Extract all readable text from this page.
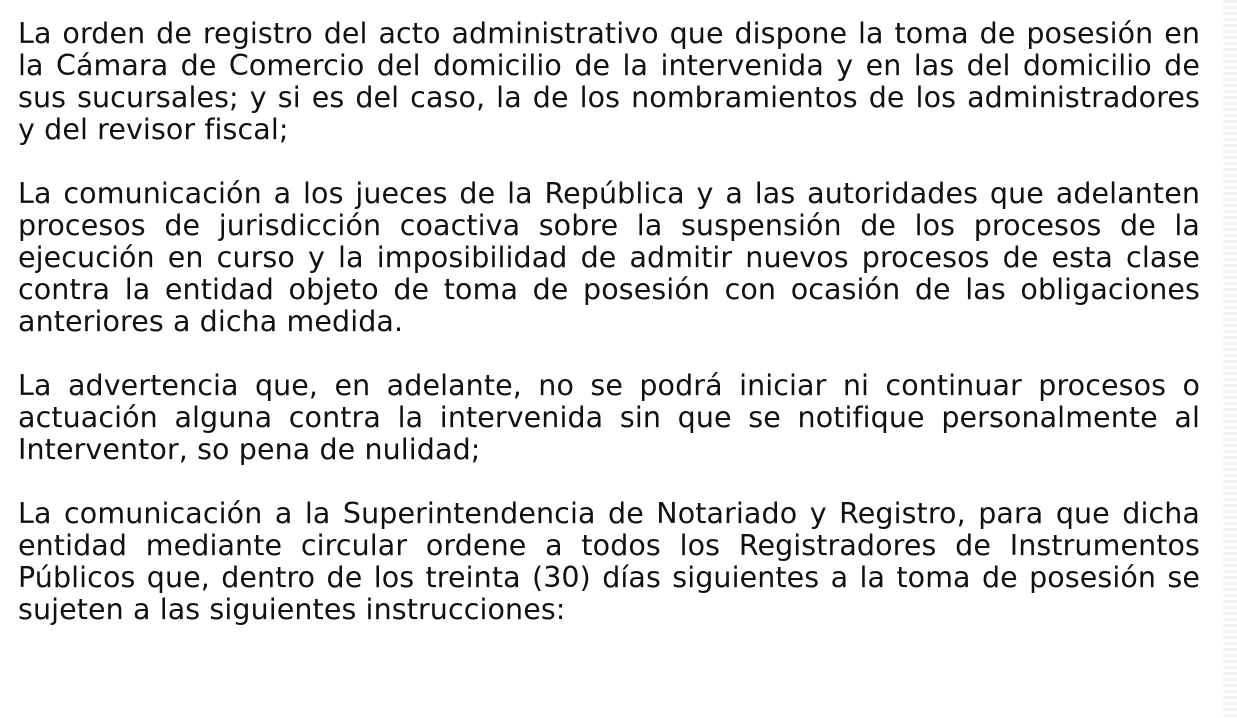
La orden de registro del acto administrativo que dispone la toma de posesión en la Cámara de Comercio del domicilio de la intervenida y en las del domicilio de sus sucursales; y si es del caso, la de los nombramientos de los administradores y del revisor fiscal;

La comunicación a los jueces de la República y a las autoridades que adelanten procesos de jurisdicción coactiva sobre la suspensión de los procesos de la ejecución en curso y la imposibilidad de admitir nuevos procesos de esta clase contra la entidad objeto de toma de posesión con ocasión de las obligaciones anteriores a dicha medida.

La advertencia que, en adelante, no se podrá iniciar ni continuar procesos o actuación alguna contra la intervenida sin que se notifique personalmente al Interventor, so pena de nulidad;

La comunicación a la Superintendencia de Notariado y Registro, para que dicha entidad mediante circular ordene a todos los Registradores de Instrumentos Públicos que, dentro de los treinta (30) días siguientes a la toma de posesión se sujeten a las siguientes instrucciones:
